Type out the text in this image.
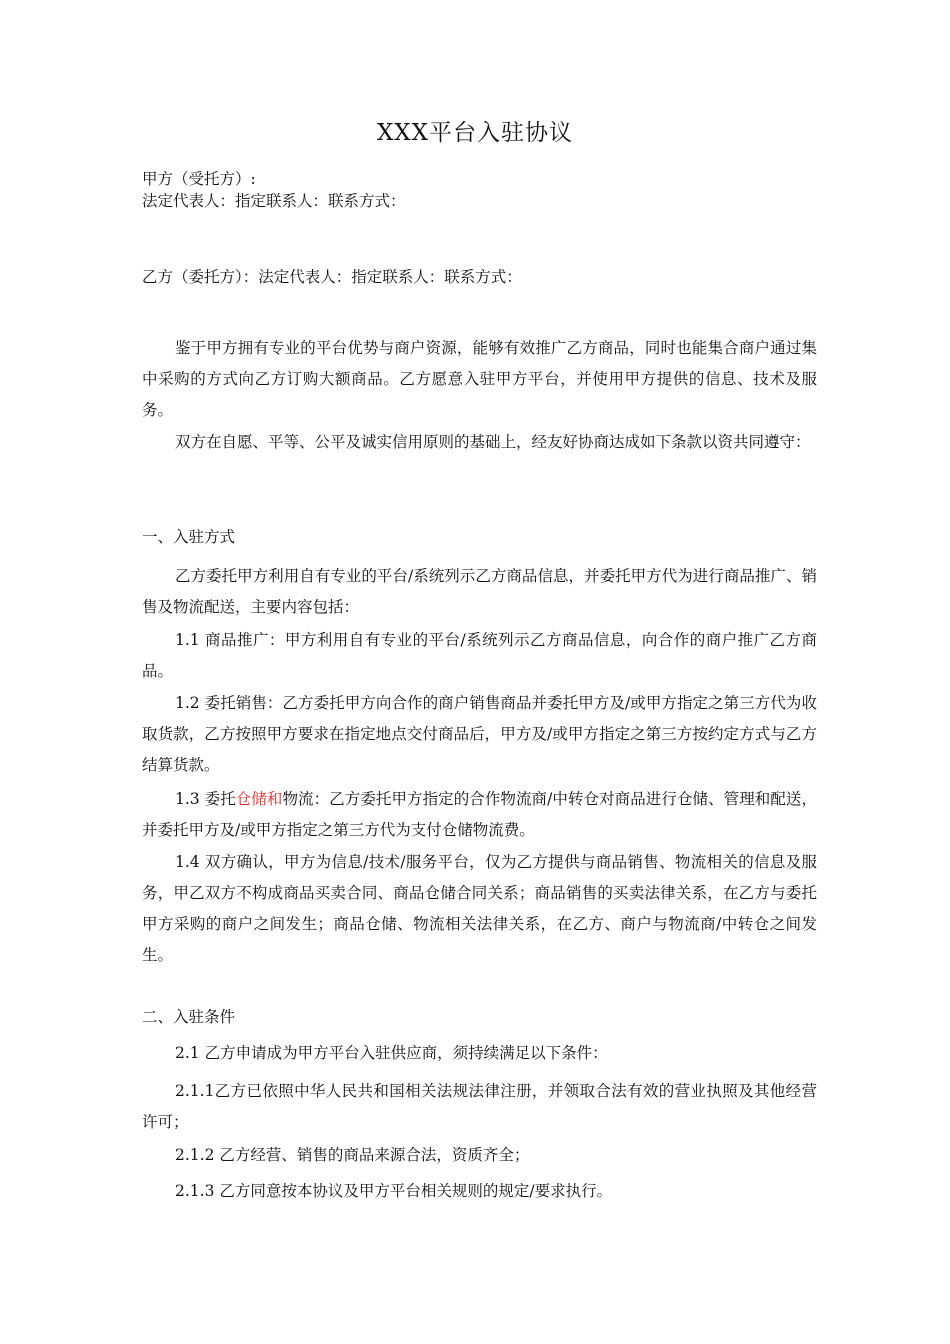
XXX平台入驻协议

甲方（受托方）:

法定代表人：指定联系人：联系方式：

乙方（委托方）：法定代表人：指定联系人：联系方式：

鉴于甲方拥有专业的平台优势与商户资源，能够有效推广乙方商品，同时也能集合商户通过集中采购的方式向乙方订购大额商品。乙方愿意入驻甲方平台，并使用甲方提供的信息、技术及服务。

双方在自愿、平等、公平及诚实信用原则的基础上，经友好协商达成如下条款以资共同遵守：

一、入驻方式

乙方委托甲方利用自有专业的平台/系统列示乙方商品信息，并委托甲方代为进行商品推广、销售及物流配送，主要内容包括：

1.1 商品推广：甲方利用自有专业的平台/系统列示乙方商品信息，向合作的商户推广乙方商品。

1.2 委托销售：乙方委托甲方向合作的商户销售商品并委托甲方及/或甲方指定之第三方代为收取货款，乙方按照甲方要求在指定地点交付商品后，甲方及/或甲方指定之第三方按约定方式与乙方结算货款。

1.3 委托仓储和物流：乙方委托甲方指定的合作物流商/中转仓对商品进行仓储、管理和配送，并委托甲方及/或甲方指定之第三方代为支付仓储物流费。

1.4 双方确认，甲方为信息/技术/服务平台，仅为乙方提供与商品销售、物流相关的信息及服务，甲乙双方不构成商品买卖合同、商品仓储合同关系；商品销售的买卖法律关系，在乙方与委托甲方采购的商户之间发生；商品仓储、物流相关法律关系，在乙方、商户与物流商/中转仓之间发生。

二、入驻条件

2.1 乙方申请成为甲方平台入驻供应商，须持续满足以下条件：

2.1.1乙方已依照中华人民共和国相关法规法律注册，并领取合法有效的营业执照及其他经营许可；

2.1.2 乙方经营、销售的商品来源合法，资质齐全；

2.1.3 乙方同意按本协议及甲方平台相关规则的规定/要求执行。
